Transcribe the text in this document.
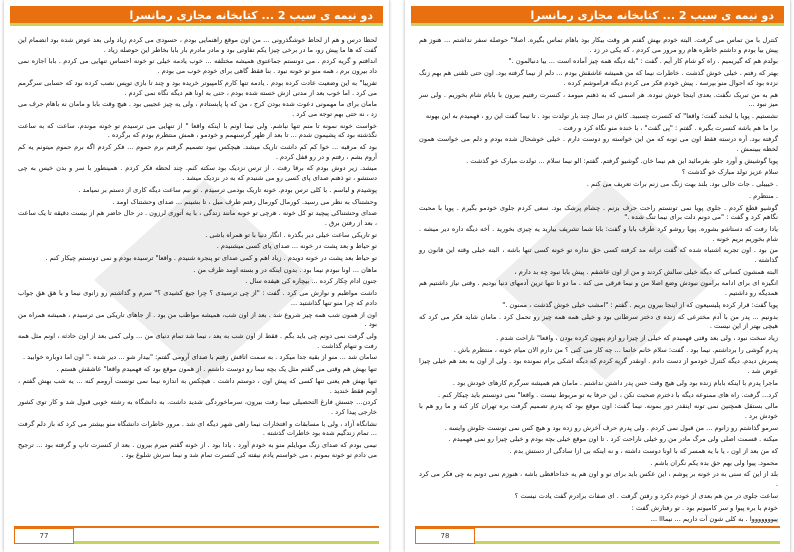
دو نیمه ی سیب 2 ... کتابخانه مجازی رمانسرا

لحظا درس و هم از لحاظ خوشگذرونی ... من اون موقع راهنمایی بودم ، حسودی می کردم زیاد ولی بعد عوض شده بود انضمام این گفت که ها ما پیش رو، ما در برخی چیزا یکم تفاوتی بود و مادر مادرم بار بابا بخاطر این حوصله زیاد .

اندافتم و گریه کردم . می دونستم جماعتوی همیشه مختلفه ... خوب یادمه خیلی تو خونه احساس تنهایی می کردم . بابا اجازه نمی داد بیرون برم ، همه منو تو خونه نیود . بنا فقط گاهی برای خودم خوب می بودم .

تفریبا" به این وضعیت عادت کرده بودم . یادمه تنها کارم کامپیوتر خریده بود و چند تا بازی توپس نصب کرده بود که حسابی سرگرمم می کرد . اما خوب بعد از مدتی ازش خسته شده بودم ، حتی به اونا هم دیگه نگاه نمی کردم .

مامان برای ما مهمونی دعوت شده بودن کرج ، من که پا پابستادم ، ولی یه چیز عجیبی بود . هیچ وقت بابا و مامان نه باهام حرف می زد ، نه حتی بهم توجه می کرد .

خواست خونه نمونه تا منم تنها نباشم. ولی نیما اونم با اینکه واقعا " از تنهایی می ترسیدم تو خونه موندم. ساعت که به ساعت نگذشته بود که پشیمون شدم ... تا بعد از ظهر گرسنهمم و خودمو ، همش منتظرم بودم که برگرده .

بود که مرقبه ... خوا کم کم داشت تاریک میشد. هیچکس نبود تصمیم گرفتم برم حموم ... فکر کردم اگه برم حموم میتونم یه کم آروم بشم ، رفتم و در رو قفل کردم .

میشد. زیر دوش بودم که برقا رفت . از ترس نزدیک بود سکته کنم. چند لحظه فکر کردم . همینطور با سر و بدن خیس به چی دستشو ، تو ذهنم صدای پای کسی رو می شنیدم که به در نزدیک میشد .

پوشیدم و لباسم . با کلی ترس بودم. خونه تاریک بودمی ترسیدم . تو نیم ساعت دیگه کاری از دستم بر نمیامد .

وحشتناک به نظر می رسید. کورمال کورمال رفتم طرف مبل ، تا بشینم ... صدای وحشتناک اومد .

صدای وحشتناکی پیچید تو کل خونه . هرچی تو خونه مانند زندگی ، با یه آتوری لرزون . در حال حاضر هم از بیست دقیقه تا یک ساعت ، بعد از رفتن برق .

تو تاریکی ساعت خیلی دیر بگذره . انگار دنیا با تو همراه باشی .

تو حیاط و بعد پشت در خونه ... صدای پای کسی میشنیدم .

تو حیاط بعد پشت در خونه دویدم . زیاد اهم و کمی صدای تو پنجره شنیدم . واقعا" ترسیده بودم و نمی دونستم چیکار کنم .

ماهان ... اونا نبودم نیما بود . بدون اینکه در و بسته اومد طرف من .

جنون ادام چکار کرده ... بیچاره کی هیفده سال .

داشت مواظبم و نوازش می کرد . گفت : "از چی ترسیدی ؟ چرا جیغ کشیدی ؟" سرم و گذاشتم رو زانوی نیما و با هق هق جواب دادم که چرا منو تنها گذاشتید ...

اون از همون شب همه چیز شروع شد . بعد از اون شب، همیشه مواظب من بود . از جاهای تاریکی می ترسیدم ، همیشه همراه من بود .

ولی گرفت نمی دونم چی باید بگم . فقط از اون شب به بعد ، نیما شد تمام دنیای من ... ولی کمی بعد از اون حادثه ، اونم مثل همه رفت و تنهام گذاشت .

سامان شد ... منو از بقیه جدا میکرد . به سمت اتاقش رفتم با صدای آرومی گفتم: "بیدار شو ... دیر شده ." اون اما دوباره خوابید .

تنها بهش هم وقتی می گفتم مثل یک بچه نیما رو دوست داشتم . از همون موقع بود که فهمیدم واقعا" عاشقش هستم .

تنها بهش هم یعنی تنها کسی که پیش اون ، دوستم داشت . هیچکس به اندازه نیما نمی تونست آرومم کنه ... یه شب بهش گفتم ، اونم فقط خندید .

کردن... جسش فارغ التحصیلی نیما رفت بیرون، سرماخوردگی شدید داشت. به دانشگاه به رشته خوبی قبول شد و کار توی کشور خارجی پیدا کرد .

نشانگاه آزاد ، ولی با مسابقات و افتخارات نیما راهی شهر دیگه ای شد . مرور خاطرات دانشگاه منو بیشتر می کرد که باز دلم گرفت ... تمام زندگیم شده بود خاطرات گذشته .

نیمی بودم که صدای زنگ موبایلم منو به خودم آورد . یادا بود . از خونه گفتم میرم بیرون . بعد از کنسرت تاپ و گرفته بود ... ترجیح می دادم تو خونه بمونم ، می خواستم یادم نیفته کی کنسرت تمام شد و نیما سرش شلوغ بود .

77
دو نیمه ی سیب 2 ... کتابخانه مجازی رمانسرا

کنترل با من تماس می گرفت. البته خودم بهش گفتم هر وقت بیکار بود باهام تماس بگیره. اصلا" حوصله سفر نداشتم ... هنوز هم پیش بیا بودم و داشتم خاطره هام رو مرور می کردم ، که یکی در زد .

بولدم هم که گیریمیم . راه کو شام کار آیم . گفت : "بله دیگه همه چیز آماده است ... بیا دنبالمون ."

بهتر که رفتم . خیلی خوش گذشت . خاطرات نیما که من همیشه عاشقش بودم ... دلم از نیما گرفته بود. اون حتی تلفنی هم بهم زنگ نزده بود که احوال منو بپرسه . پیش خودم فکر می کردم دیگه فراموشم کرده .

هم به من تبریک نگفت. بعدی اینجا خوش نبوده. هر اسمی که به ذهنم میومد ، کنسرت رفتیم بیرون با بابام شام بخوریم . ولی سر میز نبود ...

نشستیم . پویا با لبخند گفت: واقعا" که کنسرت چسبید. کاش در سال چند بار تولدت بود . تا نیما گفت این رو ، فهمیدم به این بهونه

برا ما هم باشه کنسرت بگیره . گفتم : "پی گفت" ، با خنده منو نگاه کرد و رفت .

گرفته بود. آره درسته فقط اون می تونه که من این خواسته رو دوست دارم . خیلی خوشحال شده بودم و دلم می خواست همون لحظه ببینمش .

پویا گوشیش و آورد جلو. بفرمائید این هم نیما خان. گوشیو گرفتم. گفتم: الو نیما سلام ... تولدت مبارک خو گذشت .

سلام عزیز تولد مبارک خو گذشت ؟

. خیییلی . جات خالی بود. بلند بهت زنگ می زنم برات تعریف می کنم .

. منتظرم .

گوشیو قطع کردم . جلوی پویا نمی تونستم راحت حرف بزنم . چشام پرشک بود. سعی کردم جلوی خودمو بگیرم . پویا با محبت نگاهم کرد و گفت : "می دونم دلت برای نیما تنگ شده ."

یادا رفت که دستاشو بشوره. پویا روشو کرد طرف بابا و گفت: بابا شما تشریف بیارید یه چیزی بخورید . آخه دیگه داره دیر میشه . شام بخوریم بریم خونه .

من بود . اون تجربه اشتباه شده که گفت ترانه مد کرفته کسی حق نداره تو خونه کسی تنها باشه ، البته خیلی وقته این قانون رو گذاشته .

البته همشون کسانی که دیگه خیلی سالش کردند و من از اون عاشقم . پیش بابا نبود چه بد دارم ،

انگیزه ای برای ادامه برامون نبودش وضع اصلا من و نیما فرقی می کنه . ما دو تا تنها ترین آدمهای دنیا بودیم . وقتی نیاز داشتیم هم همدیگه رو داشتیم .

پویا گفت: قرار کرده پلیسیعون که از اینجا بیرون بریم . گفتم : "امشب خیلی خوش گذشت ، ممنون ."

بدونیم ... پدر من با آدم مخترعی که زنده ی دختر سرطانی بود و خیلی همه همه چیز رو تحمل کرد . مامان شاید فکر می کرد که هیچی بهتر از این نیست .

زیاد سخت نبود ، ولی بعد وقتی فهمیدم که خیلی از چیزا رو ازم پنهون کرده بودن ، واقعا" ناراحت شدم .

پدرم گوشی را برداشتم. نیما بود . گفت: سلام خانم خانما ... چه کار می کنی ؟ من دارم الان میام خونه ، منتظرم باش .

پسرش دیدم. دیگه کنترل خودمو از دست دادم . اونقدر گریه کردم که دیگه اشکی برام نمونده بود . ولی از اون به بعد هم خیلی چیزا عوض شد .

ماجرا پدرم با اینکه بابام زنده بود ولی هیچ وقت حس پدر داشتن نداشتم . مامان هم همیشه سرگرم کارهای خودش بود .

کرد... گرفت. راه های ممنوعه دیگه با دخترم صحبت نکن ، این حرفا به تو مربوط نیست . واقعا" نمی دونستم باید چیکار کنم .

مالی بستقل همچنین نمی تونه اینقدر دور بمونه. نیما گفت: اون موقع بود که پدرم تصمیم گرفت بره تهران کار کنه و ما رو هم با خودش برد .

سرمو گذاشتم رو زانوم ... من قبول نمی کردم . ولی پدرم حرف آخرش رو زده بود و هیچ کس نمی تونست جلوش وایسه .

میکنه . قسمت اصلی ولی مرگ مادر من رو خیلی ناراحت کرد . تا اون موقع خیلی بچه بودم و خیلی چیزا رو نمی فهمیدم .

که من بعد از اون ، یا با یه همسر که با اونا دوست داشته ، و نه اینکه بی ازا سادگی از دستش بدم .

محمود. پیوا ولی بهم حق بده یکم نگران باشم .

بلد از این که سنی به در خونه بر پوشم ، این عکس باید برای تو و اون هم یه خداحافظی باشه ، هنوزم نمی دونم به چی فکر می کرد .

ساعت جلوی در من هم بعدی از خودم دکرد و رفتن گرفت . ای صفات برادرم گفت یادت نیست ؟

خودم با بره پیوا و سر کامیونم بود . تو رفتارش گفت :

پیوووووووا . به کلی شون آت داریم ... نیمااا ...

78
